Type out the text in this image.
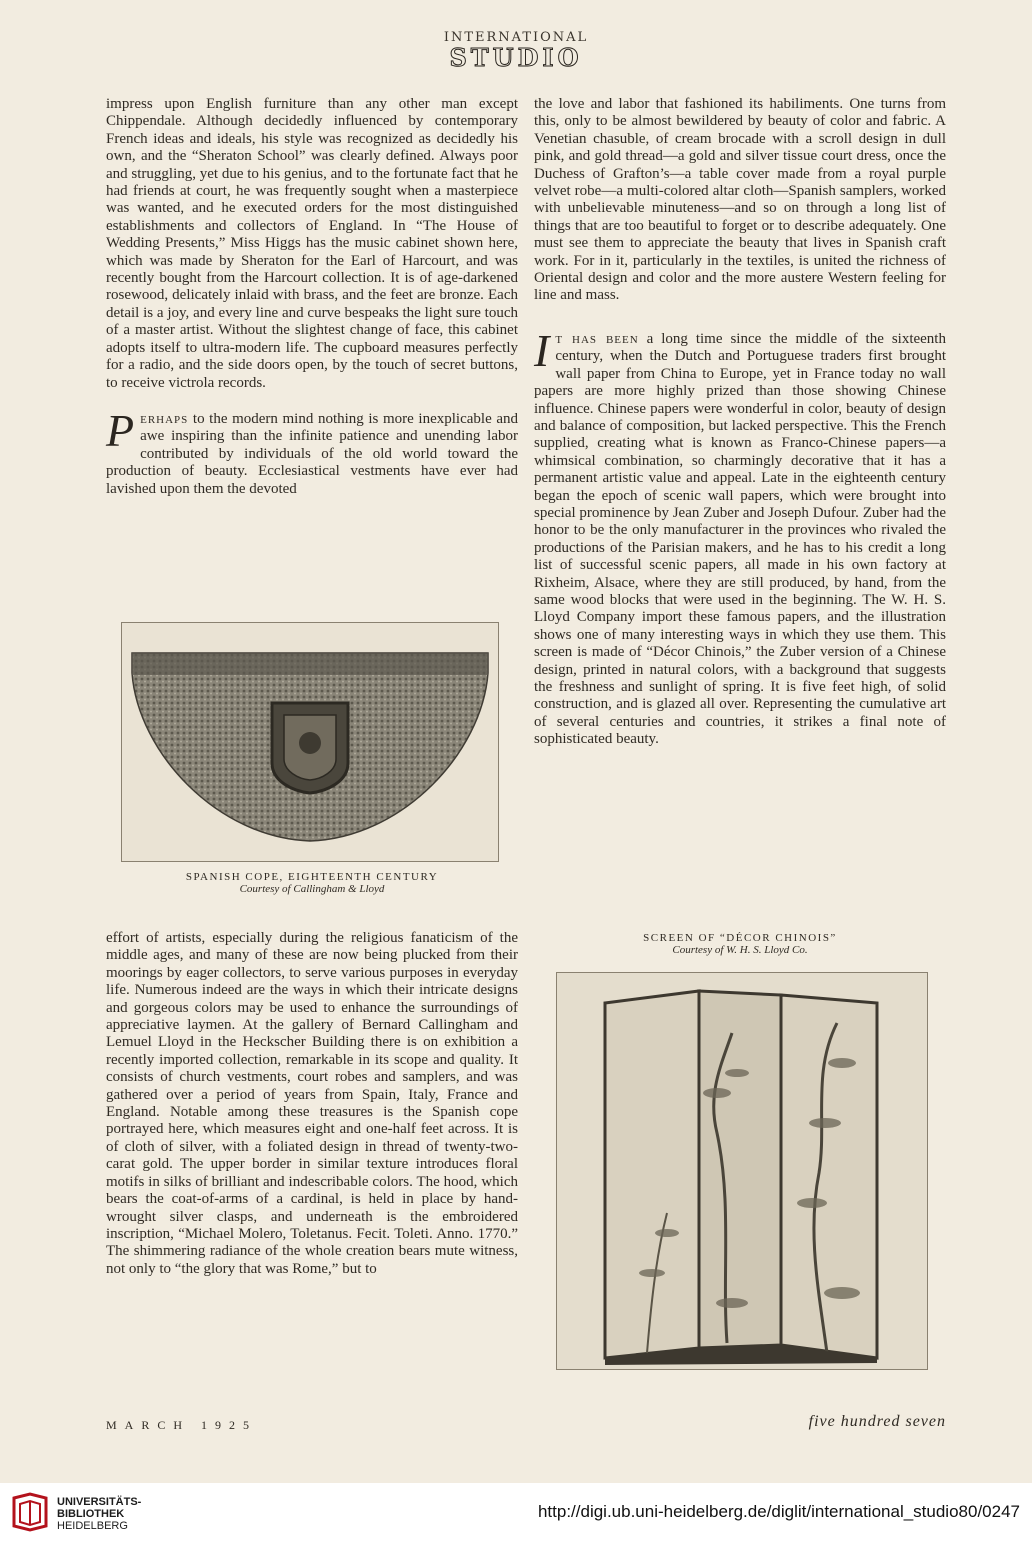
INTERNATIONAL
STUDIO

impress upon English furniture than any other man except Chippendale. Although decidedly influenced by contemporary French ideas and ideals, his style was recognized as decidedly his own, and the “Sheraton School” was clearly defined. Always poor and struggling, yet due to his genius, and to the fortunate fact that he had friends at court, he was frequently sought when a masterpiece was wanted, and he executed orders for the most distinguished establishments and collectors of England. In “The House of Wedding Presents,” Miss Higgs has the music cabinet shown here, which was made by Sheraton for the Earl of Harcourt, and was recently bought from the Harcourt collection. It is of age-darkened rosewood, delicately inlaid with brass, and the feet are bronze. Each detail is a joy, and every line and curve bespeaks the light sure touch of a master artist. Without the slightest change of face, this cabinet adopts itself to ultra-modern life. The cupboard measures perfectly for a radio, and the side doors open, by the touch of secret buttons, to receive victrola records.

Perhaps to the modern mind nothing is more inexplicable and awe inspiring than the infinite patience and unending labor contributed by individuals of the old world toward the production of beauty. Ecclesiastical vestments have ever had lavished upon them the devoted

SPANISH COPE, EIGHTEENTH CENTURY
Courtesy of Callingham & Lloyd

effort of artists, especially during the religious fanaticism of the middle ages, and many of these are now being plucked from their moorings by eager collectors, to serve various purposes in everyday life. Numerous indeed are the ways in which their intricate designs and gorgeous colors may be used to enhance the surroundings of appreciative laymen. At the gallery of Bernard Callingham and Lemuel Lloyd in the Heckscher Building there is on exhibition a recently imported collection, remarkable in its scope and quality. It consists of church vestments, court robes and samplers, and was gathered over a period of years from Spain, Italy, France and England. Notable among these treasures is the Spanish cope portrayed here, which measures eight and one-half feet across. It is of cloth of silver, with a foliated design in thread of twenty-two-carat gold. The upper border in similar texture introduces floral motifs in silks of brilliant and indescribable colors. The hood, which bears the coat-of-arms of a cardinal, is held in place by hand-wrought silver clasps, and underneath is the embroidered inscription, “Michael Molero, Toletanus. Fecit. Toleti. Anno. 1770.” The shimmering radiance of the whole creation bears mute witness, not only to “the glory that was Rome,” but to

the love and labor that fashioned its habiliments. One turns from this, only to be almost bewildered by beauty of color and fabric. A Venetian chasuble, of cream brocade with a scroll design in dull pink, and gold thread—a gold and silver tissue court dress, once the Duchess of Grafton’s—a table cover made from a royal purple velvet robe—a multi-colored altar cloth—Spanish samplers, worked with unbelievable minuteness—and so on through a long list of things that are too beautiful to forget or to describe adequately. One must see them to appreciate the beauty that lives in Spanish craft work. For in it, particularly in the textiles, is united the richness of Oriental design and color and the more austere Western feeling for line and mass.

It has been a long time since the middle of the sixteenth century, when the Dutch and Portuguese traders first brought wall paper from China to Europe, yet in France today no wall papers are more highly prized than those showing Chinese influence. Chinese papers were wonderful in color, beauty of design and balance of composition, but lacked perspective. This the French supplied, creating what is known as Franco-Chinese papers—a whimsical combination, so charmingly decorative that it has a permanent artistic value and appeal. Late in the eighteenth century began the epoch of scenic wall papers, which were brought into special prominence by Jean Zuber and Joseph Dufour. Zuber had the honor to be the only manufacturer in the provinces who rivaled the productions of the Parisian makers, and he has to his credit a long list of successful scenic papers, all made in his own factory at Rixheim, Alsace, where they are still produced, by hand, from the same wood blocks that were used in the beginning. The W. H. S. Lloyd Company import these famous papers, and the illustration shows one of many interesting ways in which they use them. This screen is made of “Décor Chinois,” the Zuber version of a Chinese design, printed in natural colors, with a background that suggests the freshness and sunlight of spring. It is five feet high, of solid construction, and is glazed all over. Representing the cumulative art of several centuries and countries, it strikes a final note of sophisticated beauty.

SCREEN OF “DÉCOR CHINOIS”
Courtesy of W. H. S. Lloyd Co.
MARCH 1925	five hundred seven
UNIVERSITÄTS-
BIBLIOTHEK
HEIDELBERG
http://digi.ub.uni-heidelberg.de/diglit/international_studio80/0247
